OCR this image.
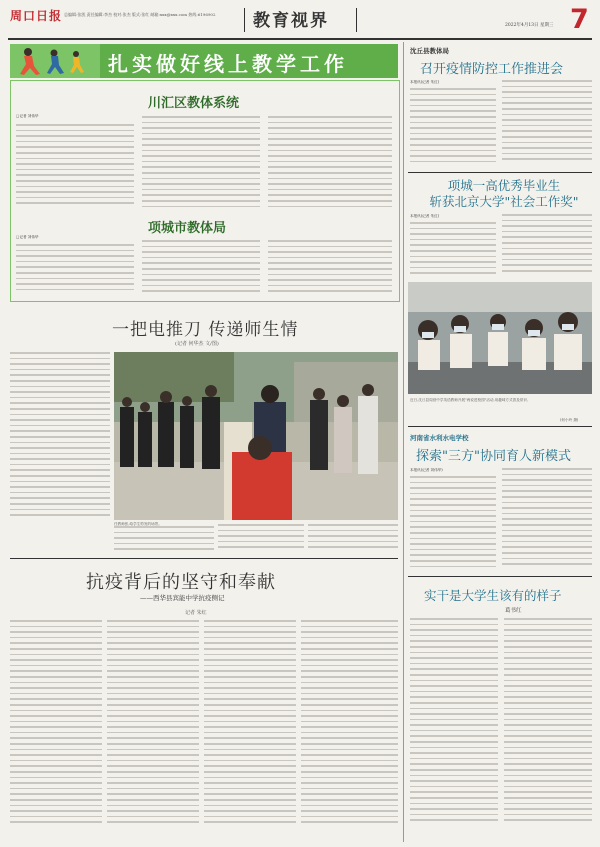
周口日报 总编辑:张凯 责任编辑:李杰 校对:张杰 版式:张红 邮箱:xxx@xxx.com 热线:6196902	教育视界	2022年4月13日 星期三 7
扎实做好线上教学工作
川汇区教体系统
□记者 刘伟华
项城市教体局
□记者 刘伟华
一把电推刀 传递师生情
(记者 何华杰 文/图)
任教师张,给学生剪发的场景。
抗疫背后的坚守和奉献
——西华县宾能中学抗疫侧记
记者 朱红
沈丘县教体局
召开疫情防控工作推进会
本报讯(记者 朱红)
项城一高优秀毕业生
斩获北京大学"社会工作奖"
本报讯(记者 朱红)
近日,沈丘县周营中学英语教师开展"两说进校园"活动,用趣味方式普及常识,
(何小玲 摄)
河南省水利水电学校
探索"三方"协同育人新模式
本报讯(记者 刘伟华)
实干是大学生该有的样子
葛书红
